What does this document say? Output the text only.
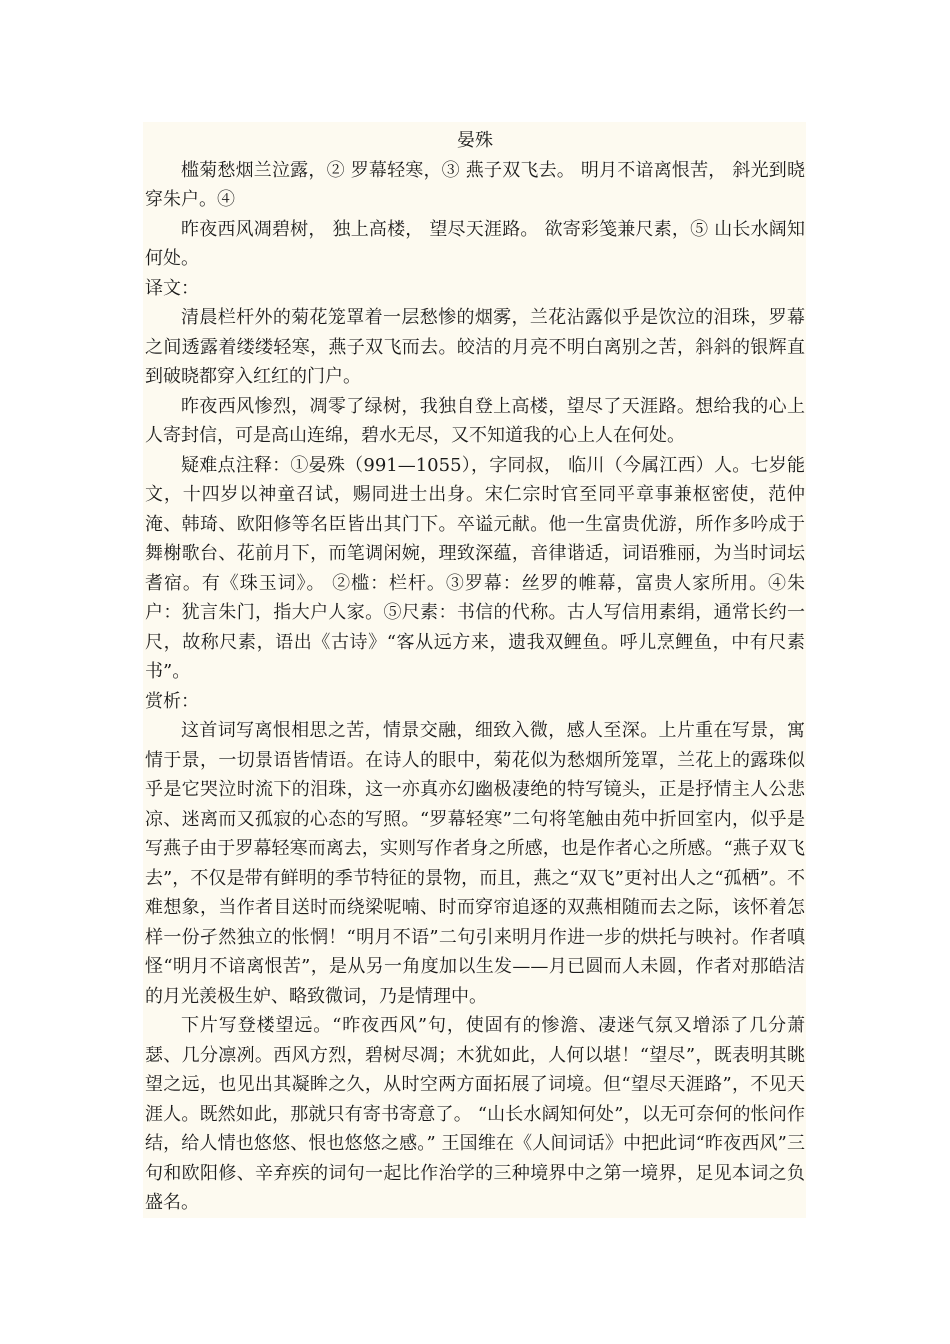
晏殊

槛菊愁烟兰泣露，② 罗幕轻寒，③ 燕子双飞去。 明月不谙离恨苦， 斜光到晓穿朱户。④

昨夜西风凋碧树， 独上高楼， 望尽天涯路。 欲寄彩笺兼尺素，⑤ 山长水阔知何处。

译文：

清晨栏杆外的菊花笼罩着一层愁惨的烟雾，兰花沾露似乎是饮泣的泪珠，罗幕之间透露着缕缕轻寒，燕子双飞而去。皎洁的月亮不明白离别之苦，斜斜的银辉直到破晓都穿入红红的门户。

昨夜西风惨烈，凋零了绿树，我独自登上高楼，望尽了天涯路。想给我的心上人寄封信，可是高山连绵，碧水无尽，又不知道我的心上人在何处。

疑难点注释：①晏殊（991—1055），字同叔， 临川（今属江西）人。七岁能文，十四岁以神童召试，赐同进士出身。宋仁宗时官至同平章事兼枢密使，范仲淹、韩琦、欧阳修等名臣皆出其门下。卒谥元献。他一生富贵优游，所作多吟成于舞榭歌台、花前月下，而笔调闲婉，理致深蕴，音律谐适，词语雅丽，为当时词坛耆宿。有《珠玉词》。 ②槛：栏杆。③罗幕：丝罗的帷幕，富贵人家所用。④朱户：犹言朱门，指大户人家。⑤尺素：书信的代称。古人写信用素绢，通常长约一尺，故称尺素，语出《古诗》“客从远方来，遗我双鲤鱼。呼儿烹鲤鱼，中有尺素书”。

赏析：

这首词写离恨相思之苦，情景交融，细致入微，感人至深。上片重在写景，寓情于景，一切景语皆情语。在诗人的眼中，菊花似为愁烟所笼罩，兰花上的露珠似乎是它哭泣时流下的泪珠，这一亦真亦幻幽极凄绝的特写镜头，正是抒情主人公悲凉、迷离而又孤寂的心态的写照。“罗幕轻寒”二句将笔触由苑中折回室内，似乎是写燕子由于罗幕轻寒而离去，实则写作者身之所感，也是作者心之所感。“燕子双飞去”，不仅是带有鲜明的季节特征的景物，而且，燕之“双飞”更衬出人之“孤栖”。不难想象，当作者目送时而绕梁呢喃、时而穿帘追逐的双燕相随而去之际，该怀着怎样一份孑然独立的怅惘！“明月不语”二句引来明月作进一步的烘托与映衬。作者嗔怪“明月不谙离恨苦”，是从另一角度加以生发——月已圆而人未圆，作者对那皓洁的月光羡极生妒、略致微词，乃是情理中。

下片写登楼望远。“昨夜西风”句，使固有的惨澹、凄迷气氛又增添了几分萧瑟、几分凛冽。西风方烈，碧树尽凋；木犹如此，人何以堪！“望尽”，既表明其眺望之远，也见出其凝眸之久，从时空两方面拓展了词境。但“望尽天涯路”，不见天涯人。既然如此，那就只有寄书寄意了。 “山长水阔知何处”，以无可奈何的怅问作结，给人情也悠悠、恨也悠悠之感。” 王国维在《人间词话》中把此词“昨夜西风”三句和欧阳修、辛弃疾的词句一起比作治学的三种境界中之第一境界，足见本词之负盛名。
